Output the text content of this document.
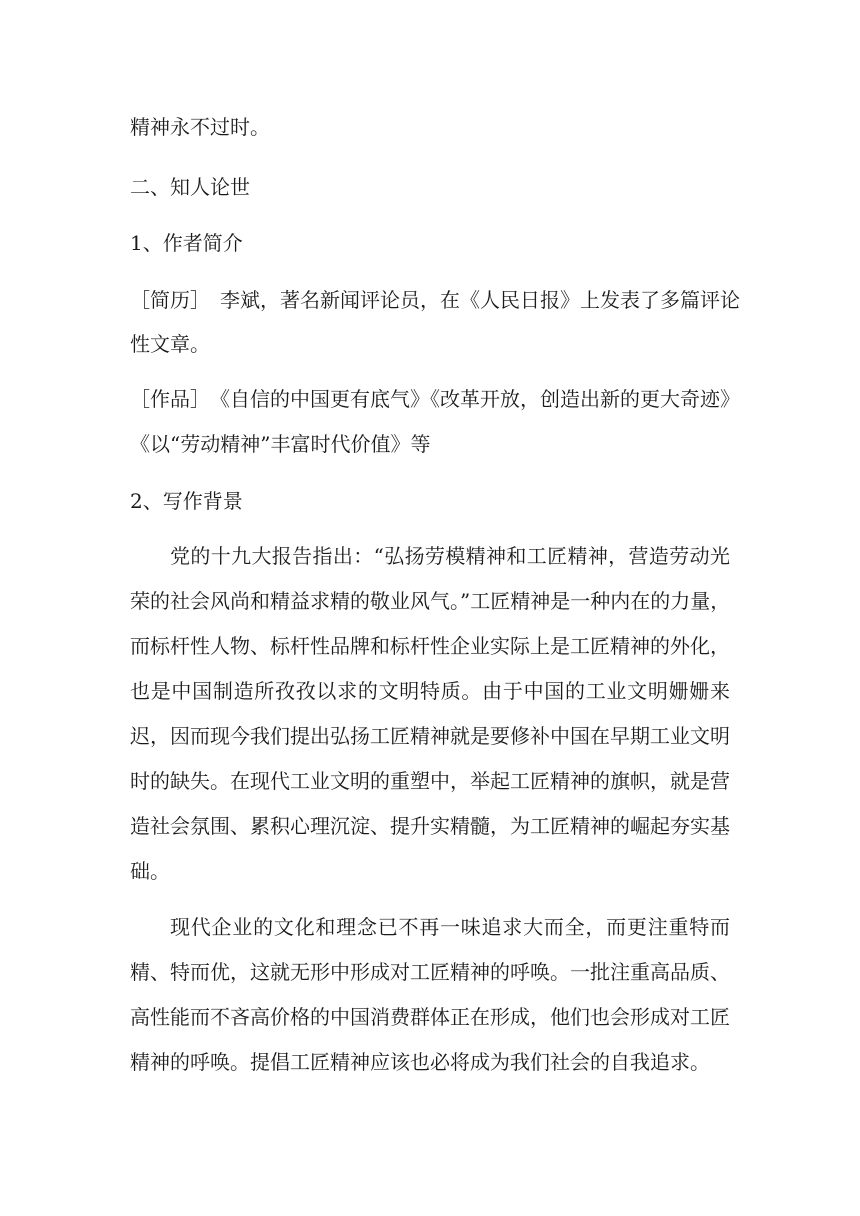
精神永不过时。
二、知人论世
1、作者简介
［简历］　李斌，著名新闻评论员，在《人民日报》上发表了多篇评论
性文章。
［作品］　《自信的中国更有底气》《改革开放，创造出新的更大奇迹》
《以“劳动精神”丰富时代价值》等
2、写作背景
党的十九大报告指出：“弘扬劳模精神和工匠精神，营造劳动光
荣的社会风尚和精益求精的敬业风气。”工匠精神是一种内在的力量，
而标杆性人物、标杆性品牌和标杆性企业实际上是工匠精神的外化，
也是中国制造所孜孜以求的文明特质。由于中国的工业文明姗姗来
迟，因而现今我们提出弘扬工匠精神就是要修补中国在早期工业文明
时的缺失。在现代工业文明的重塑中，举起工匠精神的旗帜，就是营
造社会氛围、累积心理沉淀、提升实精髓，为工匠精神的崛起夯实基
础。
现代企业的文化和理念已不再一味追求大而全，而更注重特而
精、特而优，这就无形中形成对工匠精神的呼唤。一批注重高品质、
高性能而不吝高价格的中国消费群体正在形成，他们也会形成对工匠
精神的呼唤。提倡工匠精神应该也必将成为我们社会的自我追求。
